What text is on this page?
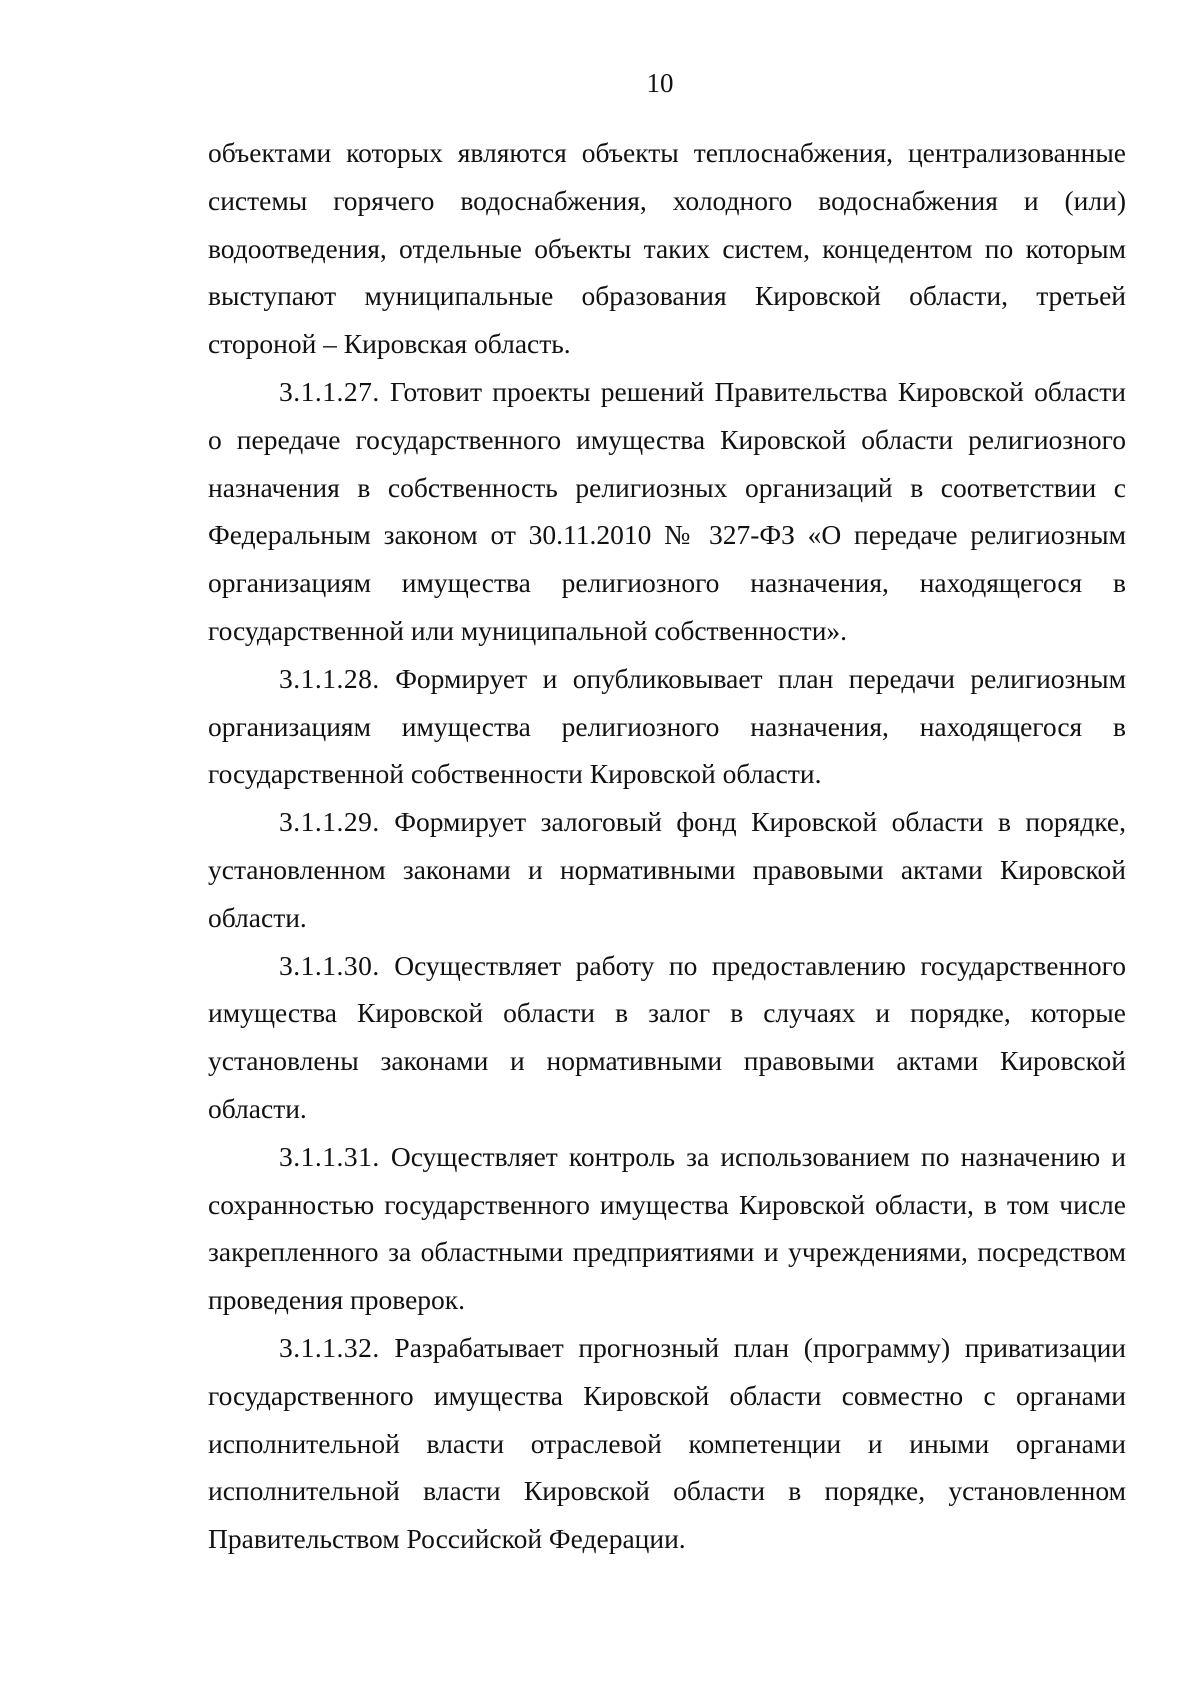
10

объектами которых являются объекты теплоснабжения, централизованные системы горячего водоснабжения, холодного водоснабжения и (или) водоотведения, отдельные объекты таких систем, концедентом по которым выступают муниципальные образования Кировской области, третьей стороной – Кировская область.

3.1.1.27. Готовит проекты решений Правительства Кировской области о передаче государственного имущества Кировской области религиозного назначения в собственность религиозных организаций в соответствии с Федеральным законом от 30.11.2010 № 327-ФЗ «О передаче религиозным организациям имущества религиозного назначения, находящегося в государственной или муниципальной собственности».

3.1.1.28. Формирует и опубликовывает план передачи религиозным организациям имущества религиозного назначения, находящегося в государственной собственности Кировской области.

3.1.1.29. Формирует залоговый фонд Кировской области в порядке, установленном законами и нормативными правовыми актами Кировской области.

3.1.1.30. Осуществляет работу по предоставлению государственного имущества Кировской области в залог в случаях и порядке, которые установлены законами и нормативными правовыми актами Кировской области.

3.1.1.31. Осуществляет контроль за использованием по назначению и сохранностью государственного имущества Кировской области, в том числе закрепленного за областными предприятиями и учреждениями, посредством проведения проверок.

3.1.1.32. Разрабатывает прогнозный план (программу) приватизации государственного имущества Кировской области совместно с органами исполнительной власти отраслевой компетенции и иными органами исполнительной власти Кировской области в порядке, установленном Правительством Российской Федерации.
